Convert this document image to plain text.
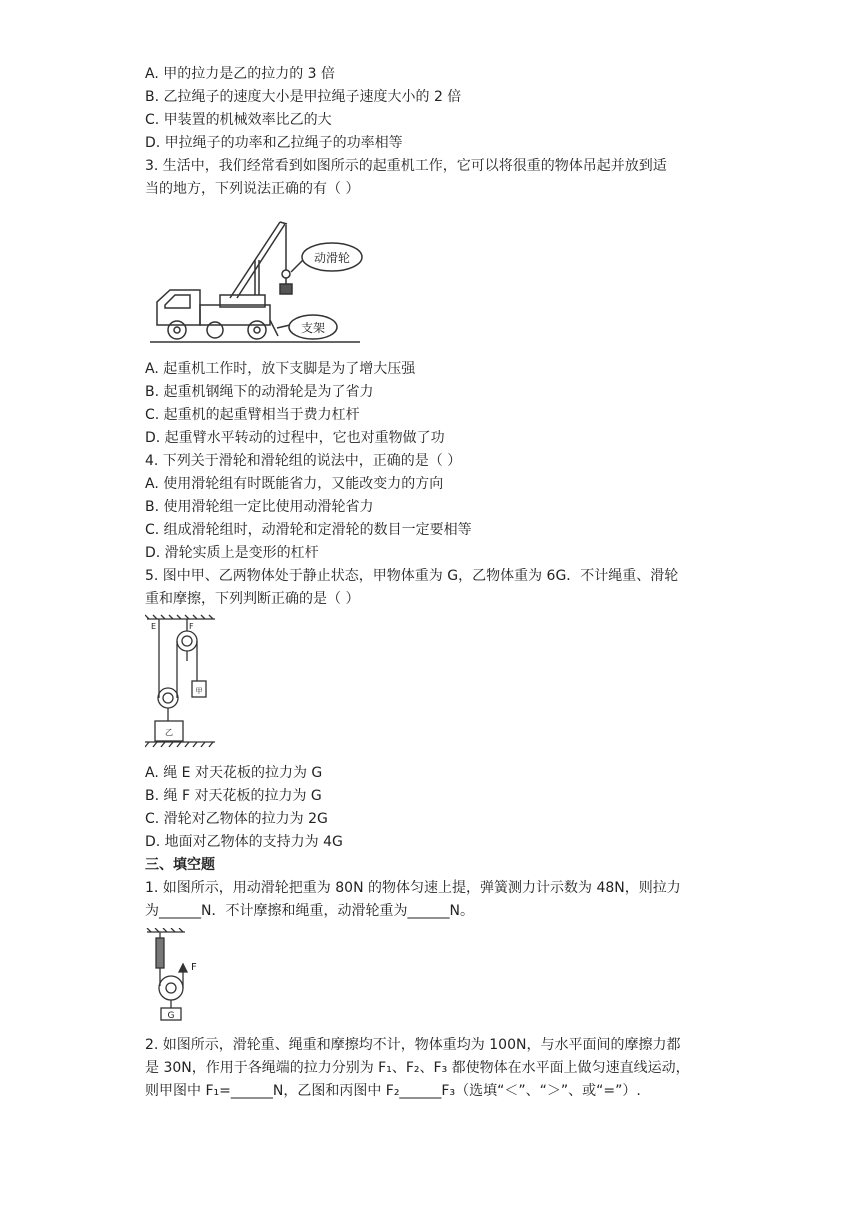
A. 甲的拉力是乙的拉力的 3 倍
B. 乙拉绳子的速度大小是甲拉绳子速度大小的 2 倍
C. 甲装置的机械效率比乙的大
D. 甲拉绳子的功率和乙拉绳子的功率相等
3. 生活中，我们经常看到如图所示的起重机工作，它可以将很重的物体吊起并放到适
当的地方，下列说法正确的有（ ）
动滑轮
支架
A. 起重机工作时，放下支脚是为了增大压强
B. 起重机钢绳下的动滑轮是为了省力
C. 起重机的起重臂相当于费力杠杆
D. 起重臂水平转动的过程中，它也对重物做了功
4. 下列关于滑轮和滑轮组的说法中，正确的是（ ）
A. 使用滑轮组有时既能省力，又能改变力的方向
B. 使用滑轮组一定比使用动滑轮省力
C. 组成滑轮组时，动滑轮和定滑轮的数目一定要相等
D. 滑轮实质上是变形的杠杆
5. 图中甲、乙两物体处于静止状态，甲物体重为 G，乙物体重为 6G．不计绳重、滑轮
重和摩擦，下列判断正确的是（ ）
E	F
甲
乙
A. 绳 E 对天花板的拉力为 G
B. 绳 F 对天花板的拉力为 G
C. 滑轮对乙物体的拉力为 2G
D. 地面对乙物体的支持力为 4G
三、填空题
1. 如图所示，用动滑轮把重为 80N 的物体匀速上提，弹簧测力计示数为 48N，则拉力
为______N．不计摩擦和绳重，动滑轮重为______N。
F
G
2. 如图所示，滑轮重、绳重和摩擦均不计，物体重均为 100N，与水平面间的摩擦力都
是 30N，作用于各绳端的拉力分别为 F₁、F₂、F₃ 都使物体在水平面上做匀速直线运动，
则甲图中 F₁=______N，乙图和丙图中 F₂______F₃（选填“＜”、“＞”、或“=”）.
